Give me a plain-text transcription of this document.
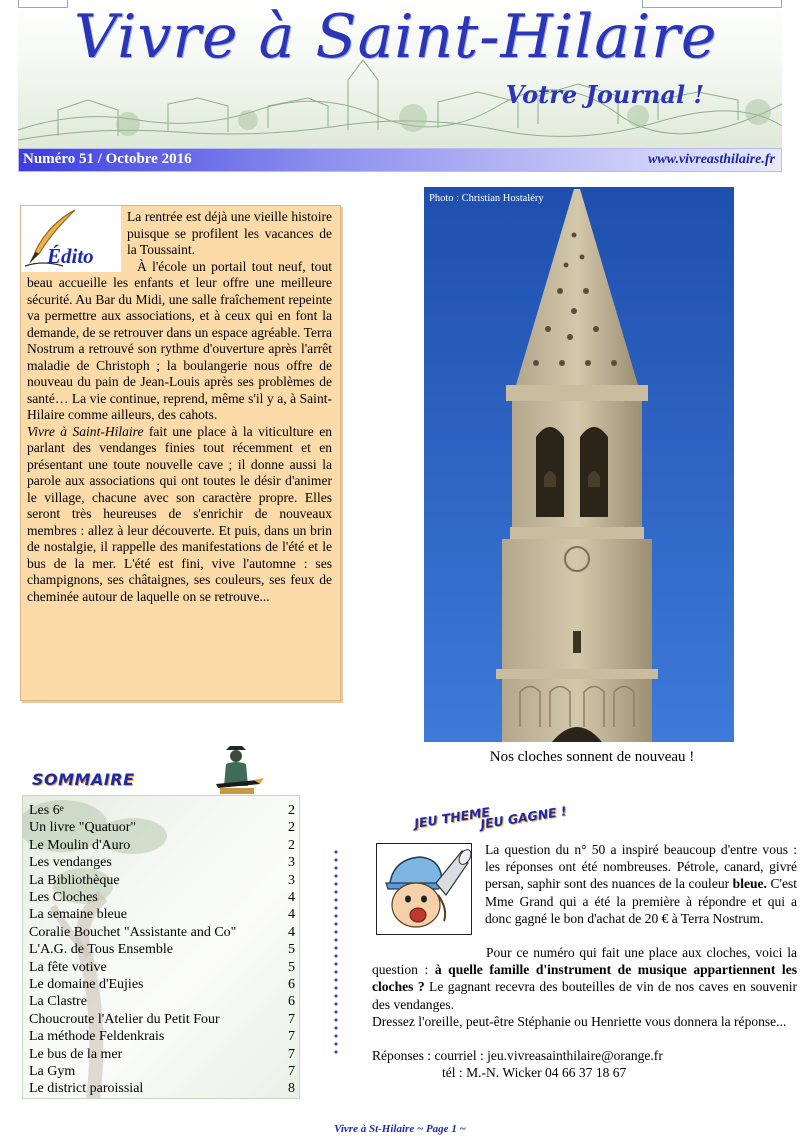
Vivre à Saint-Hilaire
Votre Journal !
Numéro 51 / Octobre 2016	www.vivreasthilaire.fr
Édito

La rentrée est déjà une vieille histoire puisque se profilent les vacances de la Toussaint.

À l'école un portail tout neuf, tout beau accueille les enfants et leur offre une meilleure sécurité. Au Bar du Midi, une salle fraîchement repeinte va permettre aux associations, et à ceux qui en font la demande, de se retrouver dans un espace agréable. Terra Nostrum a retrouvé son rythme d'ouverture après l'arrêt maladie de Christoph ; la boulangerie nous offre de nouveau du pain de Jean-Louis après ses problèmes de santé… La vie continue, reprend, même s'il y a, à Saint-Hilaire comme ailleurs, des cahots.

Vivre à Saint-Hilaire fait une place à la viticulture en parlant des vendanges finies tout récemment et en présentant une toute nouvelle cave ; il donne aussi la parole aux associations qui ont toutes le désir d'animer le village, chacune avec son caractère propre. Elles seront très heureuses de s'enrichir de nouveaux membres : allez à leur découverte. Et puis, dans un brin de nostalgie, il rappelle des manifestations de l'été et le bus de la mer. L'été est fini, vive l'automne : ses champignons, ses châtaignes, ses couleurs, ses feux de cheminée autour de laquelle on se retrouve...

Photo : Christian Hostaléry
Nos cloches sonnent de nouveau !
SOMMAIRE
Les 6e	2
Un livre "Quatuor"	2
Le Moulin d'Auro	2
Les vendanges	3
La Bibliothèque	3
Les Cloches	4
La semaine bleue	4
Coralie Bouchet "Assistante and Co"	4
L'A.G. de Tous Ensemble	5
La fête votive	5
Le domaine d'Eujies	6
La Clastre	6
Choucroute l'Atelier du Petit Four	7
La méthode Feldenkrais	7
Le bus de la mer	7
La Gym	7
Le district paroissial	8
JEU THEME
JEU GAGNE !
La question du n° 50 a inspiré beaucoup d'entre vous : les réponses ont été nombreuses. Pétrole, canard, givré persan, saphir sont des nuances de la couleur bleue. C'est Mme Grand qui a été la première à répondre et qui a donc gagné le bon d'achat de 20 € à Terra Nostrum.
Pour ce numéro qui fait une place aux cloches, voici la question : à quelle famille d'instrument de musique appartiennent les cloches ? Le gagnant recevra des bouteilles de vin de nos caves en souvenir des vendanges.
Dressez l'oreille, peut-être Stéphanie ou Henriette vous donnera la réponse...
Réponses : courriel : jeu.vivreasainthilaire@orange.fr
tél : M.-N. Wicker 04 66 37 18 67
Vivre à St-Hilaire ~ Page 1 ~
